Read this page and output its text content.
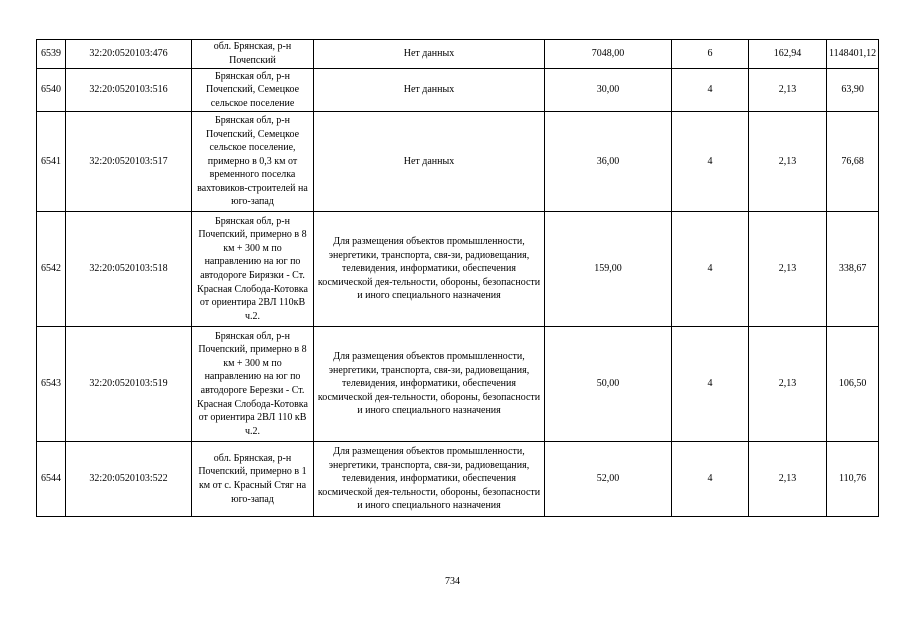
6539	32:20:0520103:476	обл. Брянская, р-н Почепский	Нет данных	7048,00	6	162,94	1148401,12
6540	32:20:0520103:516	Брянская обл, р-н Почепский, Семецкое сельское поселение	Нет данных	30,00	4	2,13	63,90
6541	32:20:0520103:517	Брянская обл, р-н Почепский, Семецкое сельское поселение, примерно в 0,3 км от временного поселка вахтовиков-строителей на юго-запад	Нет данных	36,00	4	2,13	76,68
6542	32:20:0520103:518	Брянская обл, р-н Почепский, примерно в 8 км + 300 м по направлению на юг по автодороге Бирязки - Ст. Красная Слобода-Котовка от ориентира 2ВЛ 110кВ ч.2.	Для размещения объектов промышленности, энергетики, транспорта, свя-зи, радиовещания, телевидения, информатики, обеспечения космической дея-тельности, обороны, безопасности и иного специального назначения	159,00	4	2,13	338,67
6543	32:20:0520103:519	Брянская обл, р-н Почепский, примерно в 8 км + 300 м по направлению на юг по автодороге Березки - Ст. Красная Слобода-Котовка от ориентира 2ВЛ 110 кВ ч.2.	Для размещения объектов промышленности, энергетики, транспорта, свя-зи, радиовещания, телевидения, информатики, обеспечения космической дея-тельности, обороны, безопасности и иного специального назначения	50,00	4	2,13	106,50
6544	32:20:0520103:522	обл. Брянская, р-н Почепский, примерно в 1 км от с. Красный Стяг на юго-запад	Для размещения объектов промышленности, энергетики, транспорта, свя-зи, радиовещания, телевидения, информатики, обеспечения космической дея-тельности, обороны, безопасности и иного специального назначения	52,00	4	2,13	110,76
734
